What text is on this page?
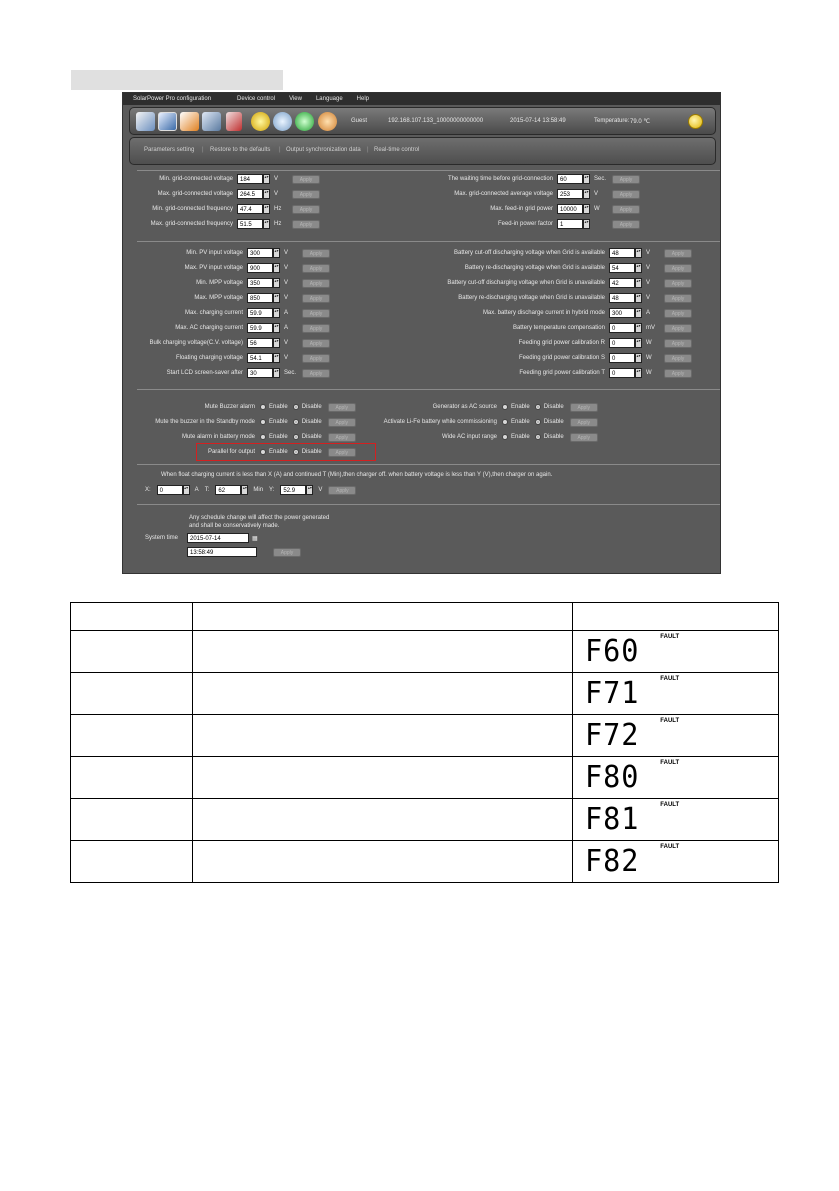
SolarPower Pro configuration	Device control View Language Help
Guest	192.168.107.133_10000000000000	2015-07-14 13:58:49	Temperature: 79.0 ℃
Parameters setting | Restore to the defaults | Output synchronization data | Real-time control
Min. grid-connected voltage	184
▴▾ V	Apply
Max. grid-connected voltage	264.5
▴▾ V	Apply
Min. grid-connected frequency	47.4
▴▾ Hz	Apply
Max. grid-connected frequency	51.5
▴▾ Hz	Apply
The waiting time before grid-connection	60
▴▾ Sec.	Apply
Max. grid-connected average voltage	253
▴▾ V	Apply
Max. feed-in grid power	10000
▴▾ W	Apply
Feed-in power factor	1
▴▾	Apply
Min. PV input voltage	300
▴▾ V	Apply
Max. PV input voltage	900
▴▾ V	Apply
Min. MPP voltage	350
▴▾ V	Apply
Max. MPP voltage	850
▴▾ V	Apply
Max. charging current	59.9
▴▾ A	Apply
Max. AC charging current	59.9
▴▾ A	Apply
Bulk charging voltage(C.V. voltage)	56
▴▾ V	Apply
Floating charging voltage	54.1
▴▾ V	Apply
Start LCD screen-saver after	30
▴▾ Sec.	Apply
Battery cut-off discharging voltage when Grid is available	48
▴▾ V	Apply
Battery re-discharging voltage when Grid is available	54
▴▾ V	Apply
Battery cut-off discharging voltage when Grid is unavailable	42
▴▾ V	Apply
Battery re-discharging voltage when Grid is unavailable	48
▴▾ V	Apply
Max. battery discharge current in hybrid mode	300
▴▾ A	Apply
Battery temperature compensation	0
▴▾ mV	Apply
Feeding grid power calibration R	0
▴▾ W	Apply
Feeding grid power calibration S	0
▴▾ W	Apply
Feeding grid power calibration T	0
▴▾ W	Apply
Mute Buzzer alarm Enable Disable	Apply
Mute the buzzer in the Standby mode Enable Disable	Apply
Mute alarm in battery mode Enable Disable	Apply
Parallel for output Enable Disable	Apply
Generator as AC source Enable Disable	Apply
Activate Li-Fe battery while commissioning Enable Disable	Apply
Wide AC input range Enable Disable	Apply
When float charging current is less than X (A) and continued T (Min),then charger off. when battery voltage is less than Y (V),then charger on again.
X:	0
▴▾ A T:	62
▴▾ Min Y:	52.9
▴▾ V	Apply
Any schedule change will affect the power generated
and shall be conservatively made.
System time	2015-07-14	▦
13:58:49	Apply

		F60 FAULT

		F71 FAULT

		F72 FAULT

		F80 FAULT

		F81 FAULT

		F82 FAULT
